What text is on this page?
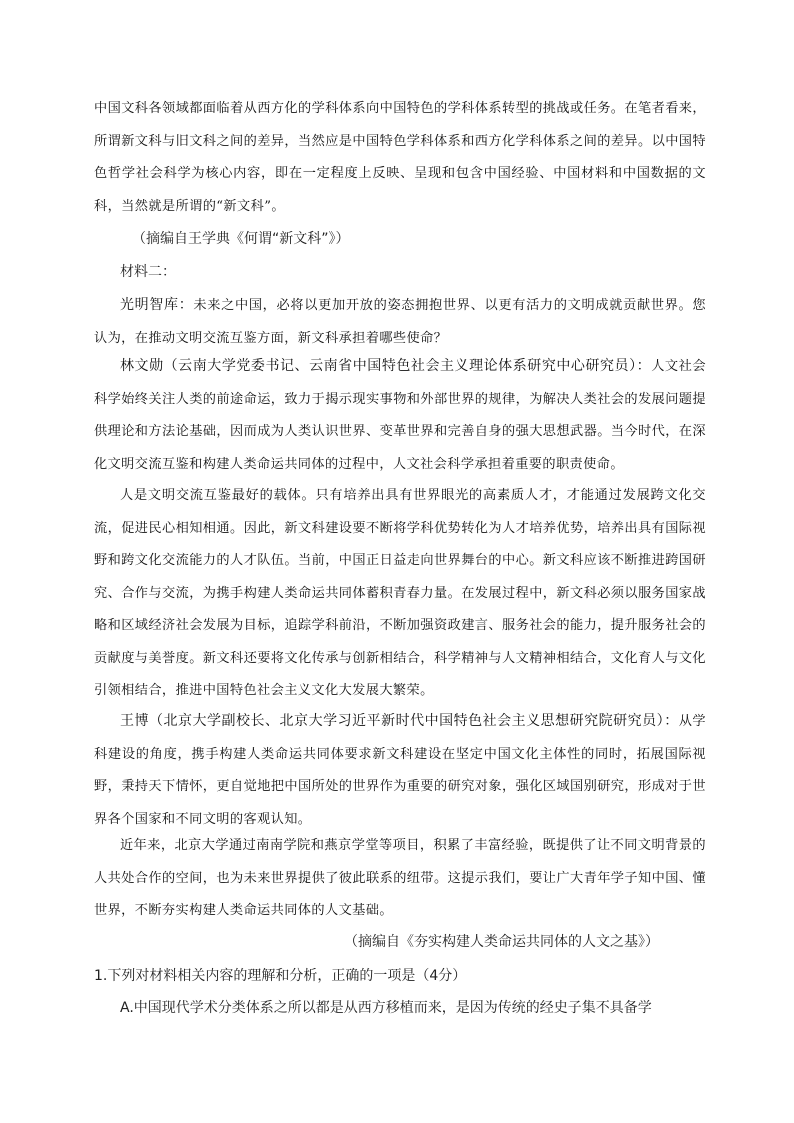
中国文科各领域都面临着从西方化的学科体系向中国特色的学科体系转型的挑战或任务。在笔者看来，所谓新文科与旧文科之间的差异，当然应是中国特色学科体系和西方化学科体系之间的差异。以中国特色哲学社会科学为核心内容，即在一定程度上反映、呈现和包含中国经验、中国材料和中国数据的文科，当然就是所谓的“新文科”。
（摘编自王学典《何谓“新文科”》）
材料二：
光明智库：未来之中国，必将以更加开放的姿态拥抱世界、以更有活力的文明成就贡献世界。您认为，在推动文明交流互鉴方面，新文科承担着哪些使命？
林文勋（云南大学党委书记、云南省中国特色社会主义理论体系研究中心研究员）：人文社会科学始终关注人类的前途命运，致力于揭示现实事物和外部世界的规律，为解决人类社会的发展问题提供理论和方法论基础，因而成为人类认识世界、变革世界和完善自身的强大思想武器。当今时代，在深化文明交流互鉴和构建人类命运共同体的过程中，人文社会科学承担着重要的职责使命。
人是文明交流互鉴最好的载体。只有培养出具有世界眼光的高素质人才，才能通过发展跨文化交流，促进民心相知相通。因此，新文科建设要不断将学科优势转化为人才培养优势，培养出具有国际视野和跨文化交流能力的人才队伍。当前，中国正日益走向世界舞台的中心。新文科应该不断推进跨国研究、合作与交流，为携手构建人类命运共同体蓄积青春力量。在发展过程中，新文科必须以服务国家战略和区域经济社会发展为目标，追踪学科前沿，不断加强资政建言、服务社会的能力，提升服务社会的贡献度与美誉度。新文科还要将文化传承与创新相结合，科学精神与人文精神相结合，文化育人与文化引领相结合，推进中国特色社会主义文化大发展大繁荣。
王博（北京大学副校长、北京大学习近平新时代中国特色社会主义思想研究院研究员）：从学科建设的角度，携手构建人类命运共同体要求新文科建设在坚定中国文化主体性的同时，拓展国际视野，秉持天下情怀，更自觉地把中国所处的世界作为重要的研究对象，强化区域国别研究，形成对于世界各个国家和不同文明的客观认知。
近年来，北京大学通过南南学院和燕京学堂等项目，积累了丰富经验，既提供了让不同文明背景的人共处合作的空间，也为未来世界提供了彼此联系的纽带。这提示我们，要让广大青年学子知中国、懂世界，不断夯实构建人类命运共同体的人文基础。
（摘编自《夯实构建人类命运共同体的人文之基》）
1.下列对材料相关内容的理解和分析，正确的一项是（4分）
A.中国现代学术分类体系之所以都是从西方移植而来，是因为传统的经史子集不具备学
